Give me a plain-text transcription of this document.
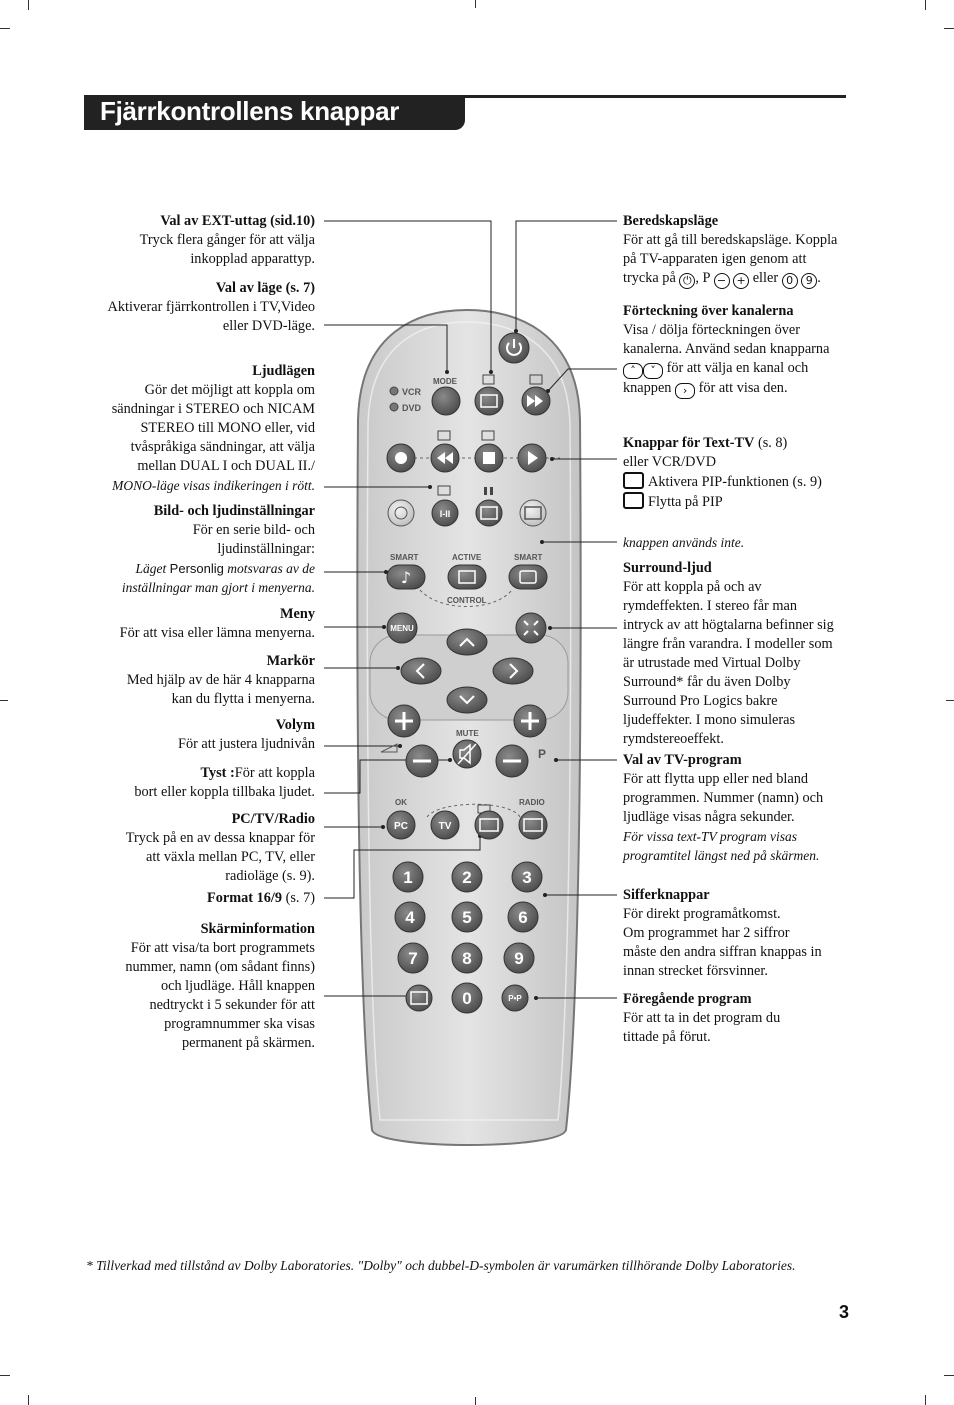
Fjärrkontrollens knappar
VCR
DVD
MODE
I-II
SMART	ACTIVE	SMART
CONTROL
♪
MENU
P
MUTE
OK	RADIO
PC	TV
1	2	3
4	5	6
7	8	9
0	P•P
Val av EXT-uttag (sid.10)
Tryck flera gånger för att välja
inkopplad apparattyp.
Val av läge (s. 7)
Aktiverar fjärrkontrollen i TV,Video
eller DVD-läge.
Ljudlägen
Gör det möjligt att koppla om
sändningar i STEREO och NICAM
STEREO till MONO eller, vid
tvåspråkiga sändningar, att välja
mellan DUAL I och DUAL II./
MONO-läge visas indikeringen i rött.
Bild- och ljudinställningar
För en serie bild- och
ljudinställningar:
Läget Personlig motsvaras av de
inställningar man gjort i menyerna.
Meny
För att visa eller lämna menyerna.
Markör
Med hjälp av de här 4 knapparna
kan du flytta i menyerna.
Volym
För att justera ljudnivån
Tyst :För att koppla
bort eller koppla tillbaka ljudet.
PC/TV/Radio
Tryck på en av dessa knappar för
att växla mellan PC, TV, eller
radioläge (s. 9).
Format 16/9 (s. 7)
Skärminformation
För att visa/ta bort programmets
nummer, namn (om sådant finns)
och ljudläge. Håll knappen
nedtryckt i 5 sekunder för att
programnummer ska visas
permanent på skärmen.
Beredskapsläge
För att gå till beredskapsläge. Koppla
på TV-apparaten igen genom att
trycka på ⏻ , P − + eller 0 9 .
Förteckning över kanalerna
Visa / dölja förteckningen över
kanalerna. Använd sedan knapparna
˄ ˅ för att välja en kanal och
knappen › för att visa den.
Knappar för Text-TV (s. 8)
eller VCR/DVD
Aktivera PIP-funktionen (s. 9)
Flytta på PIP
knappen används inte.
Surround-ljud
För att koppla på och av
rymdeffekten. I stereo får man
intryck av att högtalarna befinner sig
längre från varandra. I modeller som
är utrustade med Virtual Dolby
Surround* får du även Dolby
Surround Pro Logics bakre
ljudeffekter. I mono simuleras
rymdstereoeffekt.
Val av TV-program
För att flytta upp eller ned bland
programmen. Nummer (namn) och
ljudläge visas några sekunder.
För vissa text-TV program visas
programtitel längst ned på skärmen.
Sifferknappar
För direkt programåtkomst.
Om programmet har 2 siffror
måste den andra siffran knappas in
innan strecket försvinner.
Föregående program
För att ta in det program du
tittade på förut.
* Tillverkad med tillstånd av Dolby Laboratories. "Dolby" och dubbel-D-symbolen är varumärken tillhörande Dolby Laboratories.
3
